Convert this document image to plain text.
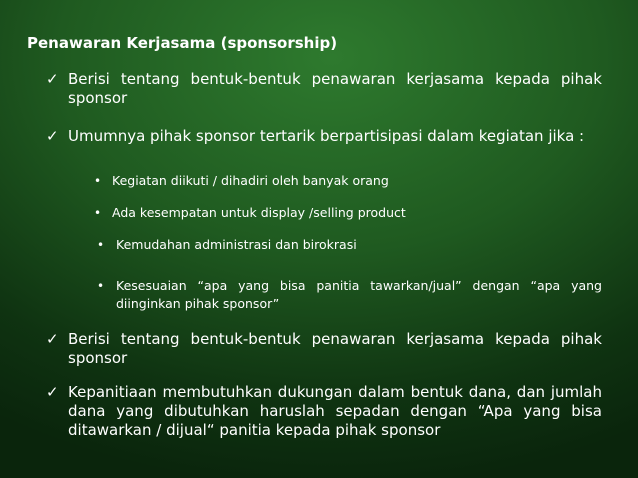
Penawaran Kerjasama (sponsorship)
✓ Berisi tentang bentuk-bentuk penawaran kerjasama kepada pihak sponsor
✓ Umumnya pihak sponsor tertarik berpartisipasi dalam kegiatan jika :
• Kegiatan diikuti / dihadiri oleh banyak orang
• Ada kesempatan untuk display /selling product
• Kemudahan administrasi dan birokrasi
• Kesesuaian “apa yang bisa panitia tawarkan/jual” dengan “apa yang diinginkan pihak sponsor”
✓ Berisi tentang bentuk-bentuk penawaran kerjasama kepada pihak sponsor
✓ Kepanitiaan membutuhkan dukungan dalam bentuk dana, dan jumlah dana yang dibutuhkan haruslah sepadan dengan “Apa yang bisa ditawarkan / dijual“ panitia kepada pihak sponsor
